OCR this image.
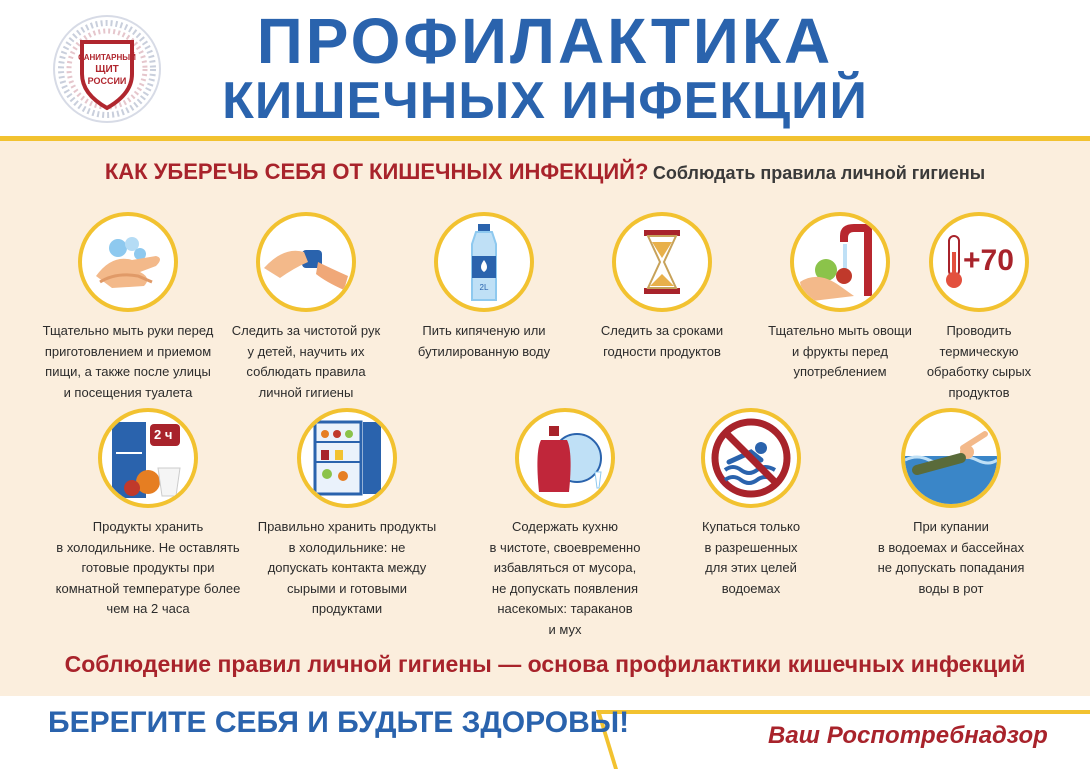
САНИТАРНЫЙ
ЩИТ
РОССИИ
ПРОФИЛАКТИКА
КИШЕЧНЫХ ИНФЕКЦИЙ
КАК УБЕРЕЧЬ СЕБЯ ОТ КИШЕЧНЫХ ИНФЕКЦИЙ? Соблюдать правила личной гигиены
Тщательно мыть руки перед
приготовлением и приемом
пищи, а также после улицы
и посещения туалета
Следить за чистотой рук
у детей, научить их
соблюдать правила
личной гигиены
2L
Пить кипяченую или
бутилированную воду
Следить за сроками
годности продуктов
Тщательно мыть овощи
и фрукты перед
употреблением
+70
Проводить
термическую
обработку сырых
продуктов
2 ч
Продукты хранить
в холодильнике. Не оставлять
готовые продукты при
комнатной температуре более
чем на 2 часа
Правильно хранить продукты
в холодильнике: не
допускать контакта между
сырыми и готовыми
продуктами
Содержать кухню
в чистоте, своевременно
избавляться от мусора,
не допускать появления
насекомых: тараканов
и мух
Купаться только
в разрешенных
для этих целей
водоемах
При купании
в водоемах и бассейнах
не допускать попадания
воды в рот
Соблюдение правил личной гигиены — основа профилактики кишечных инфекций
БЕРЕГИТЕ СЕБЯ И БУДЬТЕ ЗДОРОВЫ!	Ваш Роспотребнадзор
